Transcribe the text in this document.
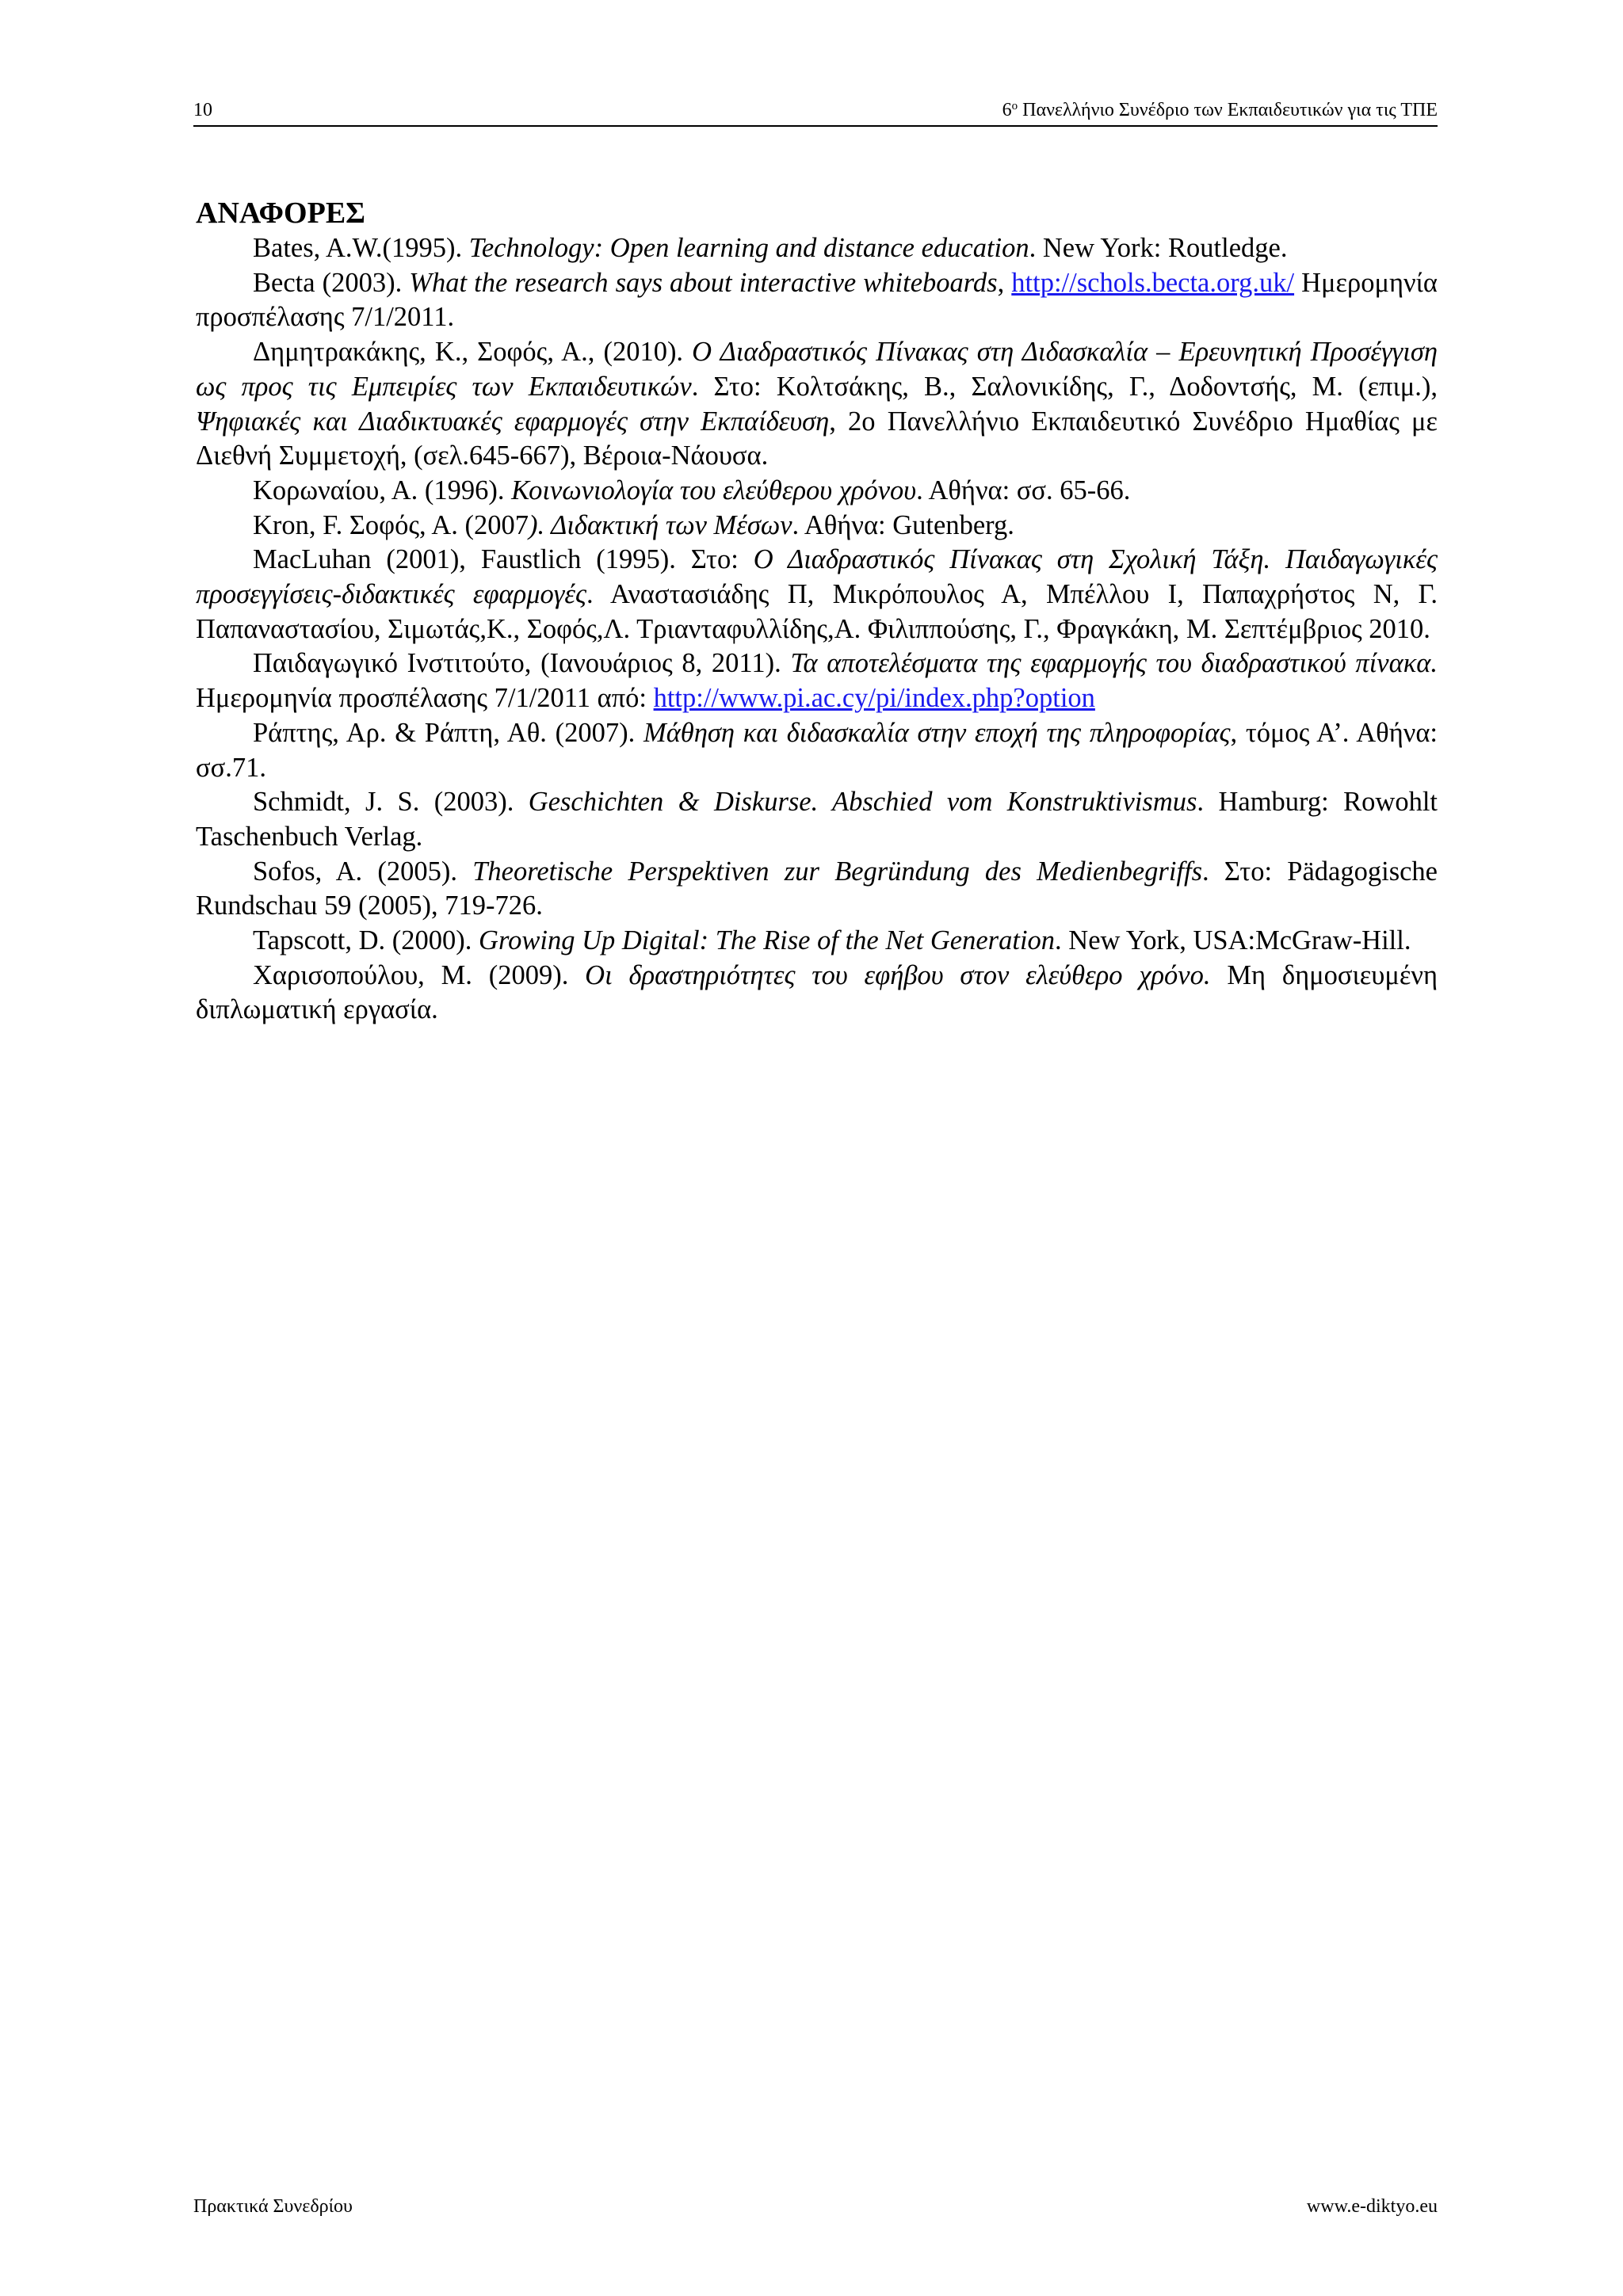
10	$6^o$ Πανελλήνιο Συνέδριο των Εκπαιδευτικών για τις ΤΠΕ
ΑΝΑΦΟΡΕΣ

Bates, A.W.(1995). Technology: Open learning and distance education. New York: Routledge.

Becta (2003). What the research says about interactive whiteboards, http://schols.becta.org.uk/ Ημερομηνία προσπέλασης 7/1/2011.

Δημητρακάκης, Κ., Σοφός, Α., (2010). Ο Διαδραστικός Πίνακας στη Διδασκαλία – Ερευνητική Προσέγγιση ως προς τις Εμπειρίες των Εκπαιδευτικών. Στο: Κολτσάκης, Β., Σαλονικίδης, Γ., Δοδοντσής, Μ. (επιμ.), Ψηφιακές και Διαδικτυακές εφαρμογές στην Εκπαίδευση, 2ο Πανελλήνιο Εκπαιδευτικό Συνέδριο Ημαθίας με Διεθνή Συμμετοχή, (σελ.645-667), Βέροια-Νάουσα.

Κορωναίου, Α. (1996). Κοινωνιολογία του ελεύθερου χρόνου. Αθήνα: σσ. 65-66.

Kron, F. Σοφός, Α. (2007). Διδακτική των Μέσων. Αθήνα: Gutenberg.

MacLuhan (2001), Faustlich (1995). Στο: Ο Διαδραστικός Πίνακας στη Σχολική Τάξη. Παιδαγωγικές προσεγγίσεις-διδακτικές εφαρμογές. Αναστασιάδης Π, Μικρόπουλος Α, Μπέλλου Ι, Παπαχρήστος Ν, Γ. Παπαναστασίου, Σιμωτάς,Κ., Σοφός,Λ. Τριανταφυλλίδης,Α. Φιλιππούσης, Γ., Φραγκάκη, Μ. Σεπτέμβριος 2010.

Παιδαγωγικό Ινστιτούτο, (Ιανουάριος 8, 2011). Τα αποτελέσματα της εφαρμογής του διαδραστικού πίνακα. Ημερομηνία προσπέλασης 7/1/2011 από: http://www.pi.ac.cy/pi/index.php?option

Ράπτης, Αρ. & Ράπτη, Αθ. (2007). Μάθηση και διδασκαλία στην εποχή της πληροφορίας, τόμος Α’. Αθήνα: σσ.71.

Schmidt, J. S. (2003). Geschichten & Diskurse. Abschied vom Konstruktivismus. Hamburg: Rowohlt Taschenbuch Verlag.

Sofos, A. (2005). Theoretische Perspektiven zur Begründung des Medienbegriffs. Στο: Pädagogische Rundschau 59 (2005), 719-726.

Tapscott, D. (2000). Growing Up Digital: The Rise of the Net Generation. New York, USA:McGraw-Hill.

Χαρισοπούλου, Μ. (2009). Οι δραστηριότητες του εφήβου στον ελεύθερο χρόνο. Μη δημοσιευμένη διπλωματική εργασία.

Πρακτικά Συνεδρίου	www.e-diktyo.eu
